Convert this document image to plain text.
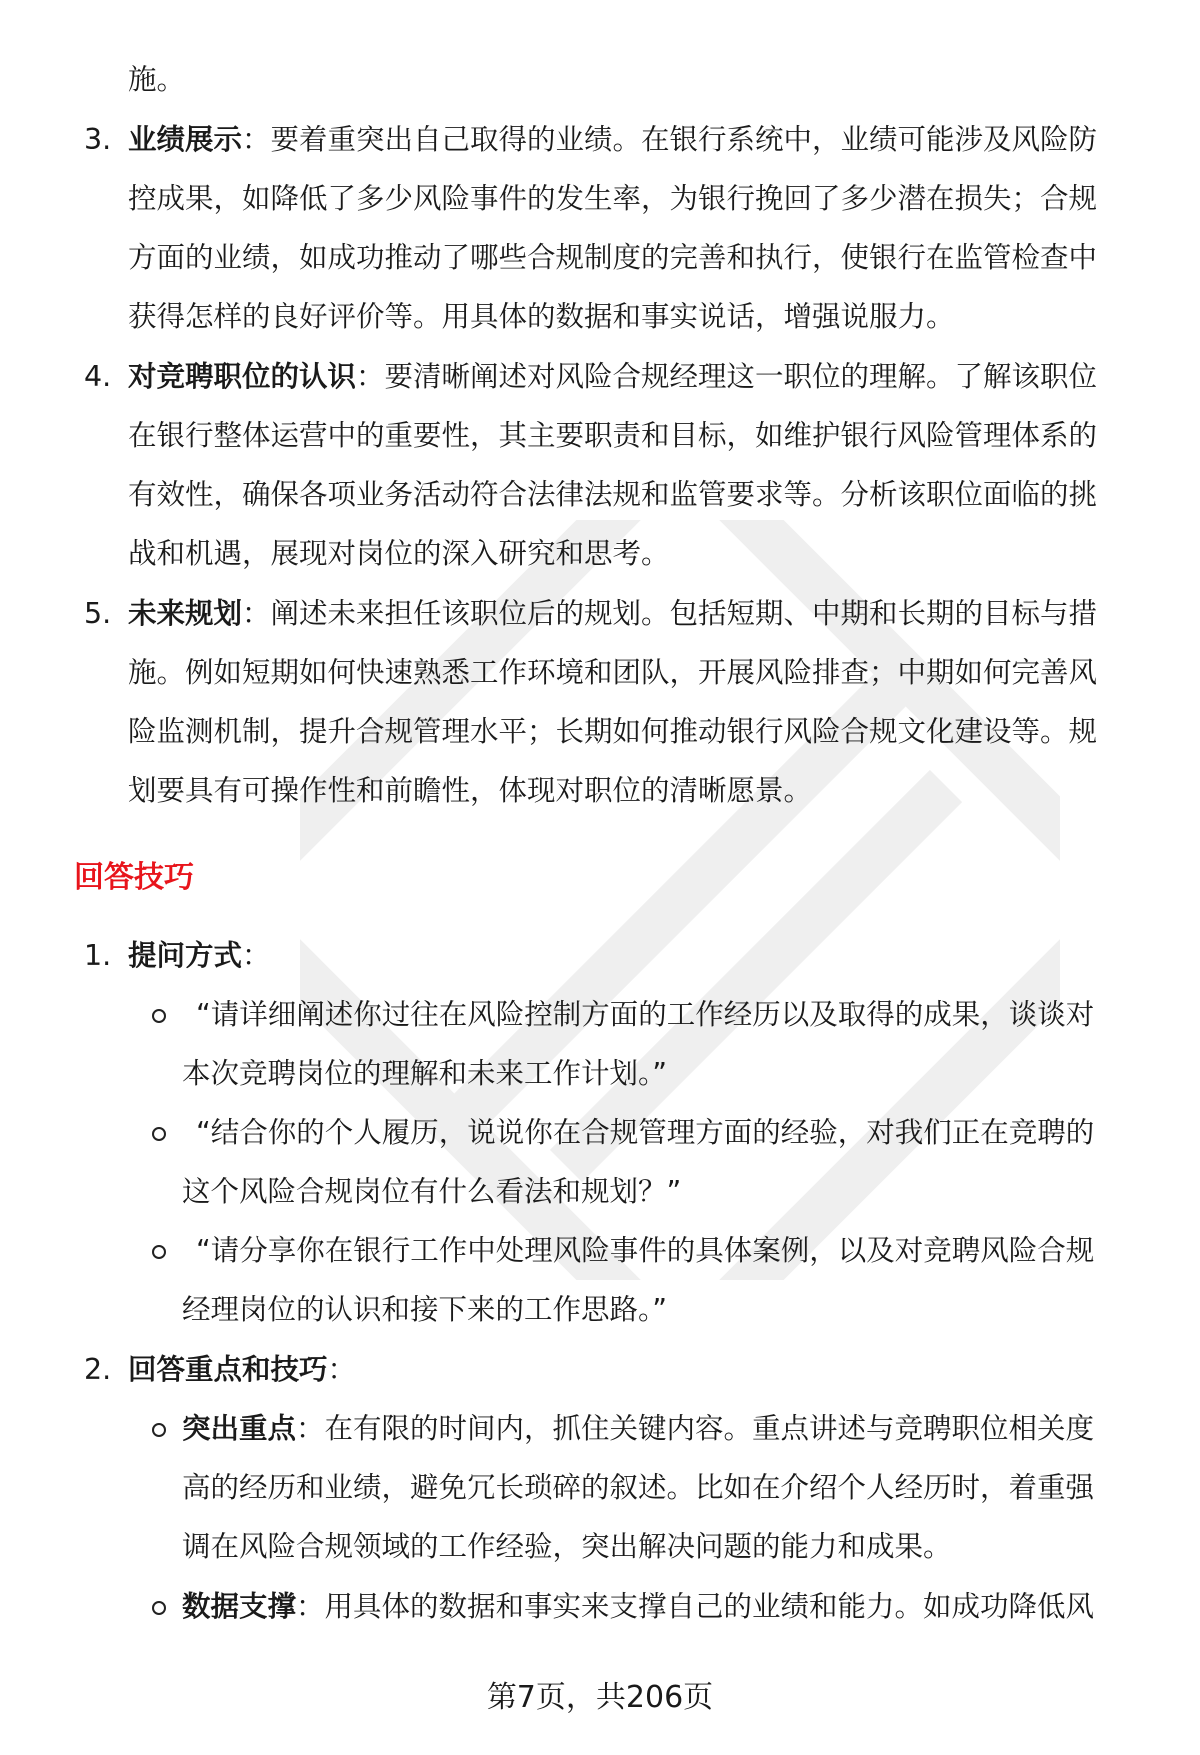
施。
3. 业绩展示：要着重突出自己取得的业绩。在银行系统中，业绩可能涉及风险防
控成果，如降低了多少风险事件的发生率，为银行挽回了多少潜在损失；合规
方面的业绩，如成功推动了哪些合规制度的完善和执行，使银行在监管检查中
获得怎样的良好评价等。用具体的数据和事实说话，增强说服力。
4. 对竞聘职位的认识：要清晰阐述对风险合规经理这一职位的理解。了解该职位
在银行整体运营中的重要性，其主要职责和目标，如维护银行风险管理体系的
有效性，确保各项业务活动符合法律法规和监管要求等。分析该职位面临的挑
战和机遇，展现对岗位的深入研究和思考。
5. 未来规划：阐述未来担任该职位后的规划。包括短期、中期和长期的目标与措
施。例如短期如何快速熟悉工作环境和团队，开展风险排查；中期如何完善风
险监测机制，提升合规管理水平；长期如何推动银行风险合规文化建设等。规
划要具有可操作性和前瞻性，体现对职位的清晰愿景。
回答技巧
1. 提问方式：
“请详细阐述你过往在风险控制方面的工作经历以及取得的成果，谈谈对
本次竞聘岗位的理解和未来工作计划。”
“结合你的个人履历，说说你在合规管理方面的经验，对我们正在竞聘的
这个风险合规岗位有什么看法和规划？”
“请分享你在银行工作中处理风险事件的具体案例，以及对竞聘风险合规
经理岗位的认识和接下来的工作思路。”
2. 回答重点和技巧：
突出重点：在有限的时间内，抓住关键内容。重点讲述与竞聘职位相关度
高的经历和业绩，避免冗长琐碎的叙述。比如在介绍个人经历时，着重强
调在风险合规领域的工作经验，突出解决问题的能力和成果。
数据支撑：用具体的数据和事实来支撑自己的业绩和能力。如成功降低风
第7页，共206页
